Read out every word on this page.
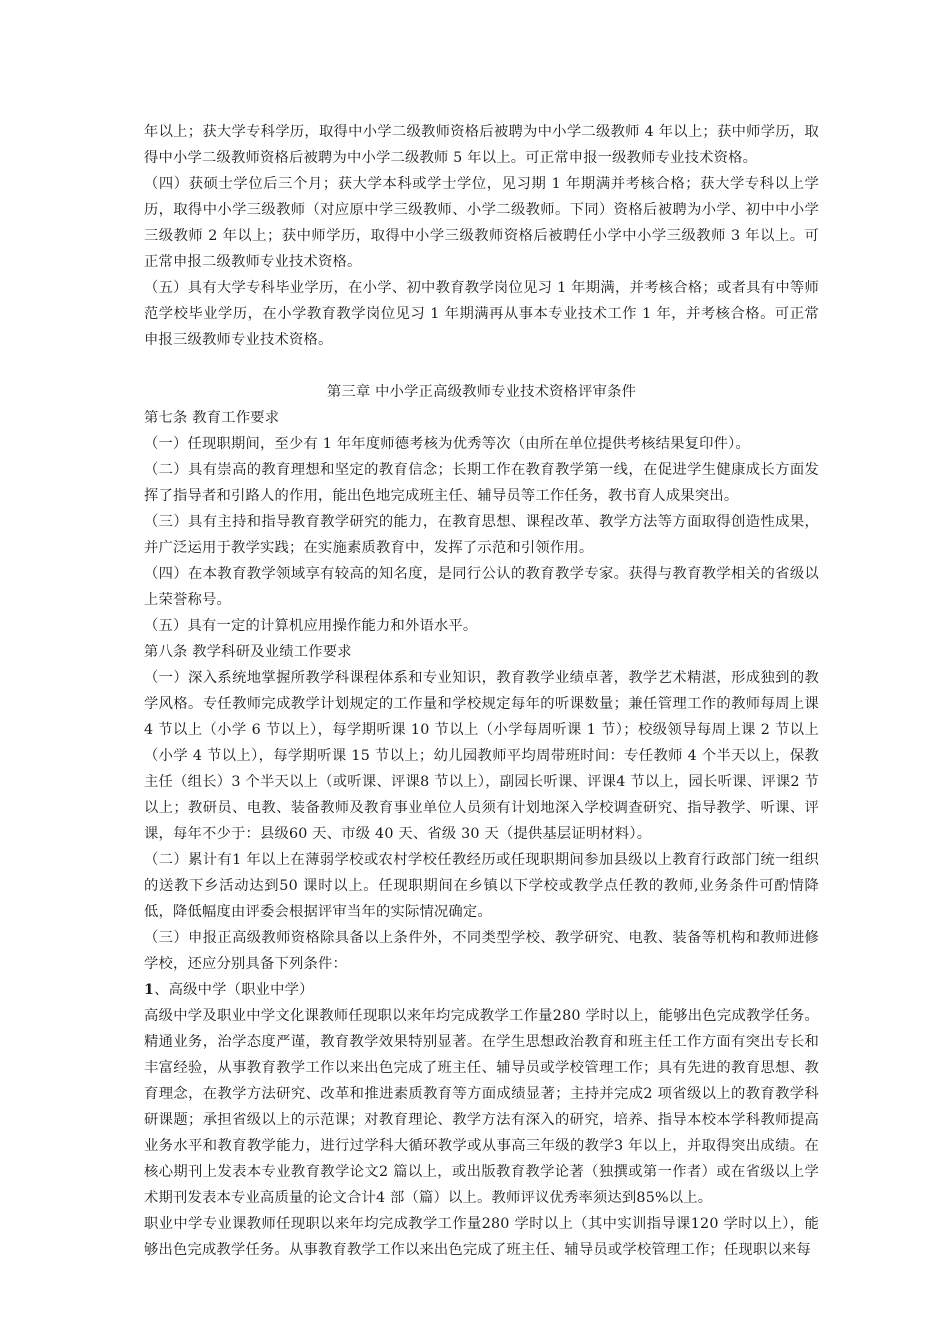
年以上；获大学专科学历，取得中小学二级教师资格后被聘为中小学二级教师 4 年以上；获中师学历，取得中小学二级教师资格后被聘为中小学二级教师 5 年以上。可正常申报一级教师专业技术资格。

（四）获硕士学位后三个月；获大学本科或学士学位，见习期 1 年期满并考核合格；获大学专科以上学历，取得中小学三级教师（对应原中学三级教师、小学二级教师。下同）资格后被聘为小学、初中中小学三级教师 2 年以上；获中师学历，取得中小学三级教师资格后被聘任小学中小学三级教师 3 年以上。可正常申报二级教师专业技术资格。

（五）具有大学专科毕业学历，在小学、初中教育教学岗位见习 1 年期满，并考核合格；或者具有中等师范学校毕业学历，在小学教育教学岗位见习 1 年期满再从事本专业技术工作 1 年，并考核合格。可正常申报三级教师专业技术资格。

第三章 中小学正高级教师专业技术资格评审条件

第七条 教育工作要求

（一）任现职期间，至少有 1 年年度师德考核为优秀等次（由所在单位提供考核结果复印件）。

（二）具有崇高的教育理想和坚定的教育信念；长期工作在教育教学第一线，在促进学生健康成长方面发挥了指导者和引路人的作用，能出色地完成班主任、辅导员等工作任务，教书育人成果突出。

（三）具有主持和指导教育教学研究的能力，在教育思想、课程改革、教学方法等方面取得创造性成果，并广泛运用于教学实践；在实施素质教育中，发挥了示范和引领作用。

（四）在本教育教学领域享有较高的知名度，是同行公认的教育教学专家。获得与教育教学相关的省级以上荣誉称号。

（五）具有一定的计算机应用操作能力和外语水平。

第八条 教学科研及业绩工作要求

（一）深入系统地掌握所教学科课程体系和专业知识，教育教学业绩卓著，教学艺术精湛，形成独到的教学风格。专任教师完成教学计划规定的工作量和学校规定每年的听课数量；兼任管理工作的教师每周上课 4 节以上（小学 6 节以上），每学期听课 10 节以上（小学每周听课 1 节）；校级领导每周上课 2 节以上（小学 4 节以上），每学期听课 15 节以上；幼儿园教师平均周带班时间：专任教师 4 个半天以上，保教主任（组长）3 个半天以上（或听课、评课8 节以上），副园长听课、评课4 节以上，园长听课、评课2 节以上；教研员、电教、装备教师及教育事业单位人员须有计划地深入学校调查研究、指导教学、听课、评课，每年不少于：县级60 天、市级 40 天、省级 30 天（提供基层证明材料）。

（二）累计有1 年以上在薄弱学校或农村学校任教经历或任现职期间参加县级以上教育行政部门统一组织的送教下乡活动达到50 课时以上。任现职期间在乡镇以下学校或教学点任教的教师,业务条件可酌情降低，降低幅度由评委会根据评审当年的实际情况确定。

（三）申报正高级教师资格除具备以上条件外，不同类型学校、教学研究、电教、装备等机构和教师进修学校，还应分别具备下列条件：

1、高级中学（职业中学）

高级中学及职业中学文化课教师任现职以来年均完成教学工作量280 学时以上，能够出色完成教学任务。精通业务，治学态度严谨，教育教学效果特别显著。在学生思想政治教育和班主任工作方面有突出专长和丰富经验，从事教育教学工作以来出色完成了班主任、辅导员或学校管理工作；具有先进的教育思想、教育理念，在教学方法研究、改革和推进素质教育等方面成绩显著；主持并完成2 项省级以上的教育教学科研课题；承担省级以上的示范课；对教育理论、教学方法有深入的研究，培养、指导本校本学科教师提高业务水平和教育教学能力，进行过学科大循环教学或从事高三年级的教学3 年以上，并取得突出成绩。在核心期刊上发表本专业教育教学论文2 篇以上，或出版教育教学论著（独撰或第一作者）或在省级以上学术期刊发表本专业高质量的论文合计4 部（篇）以上。教师评议优秀率须达到85%以上。

职业中学专业课教师任现职以来年均完成教学工作量280 学时以上（其中实训指导课120 学时以上），能够出色完成教学任务。从事教育教学工作以来出色完成了班主任、辅导员或学校管理工作；任现职以来每
